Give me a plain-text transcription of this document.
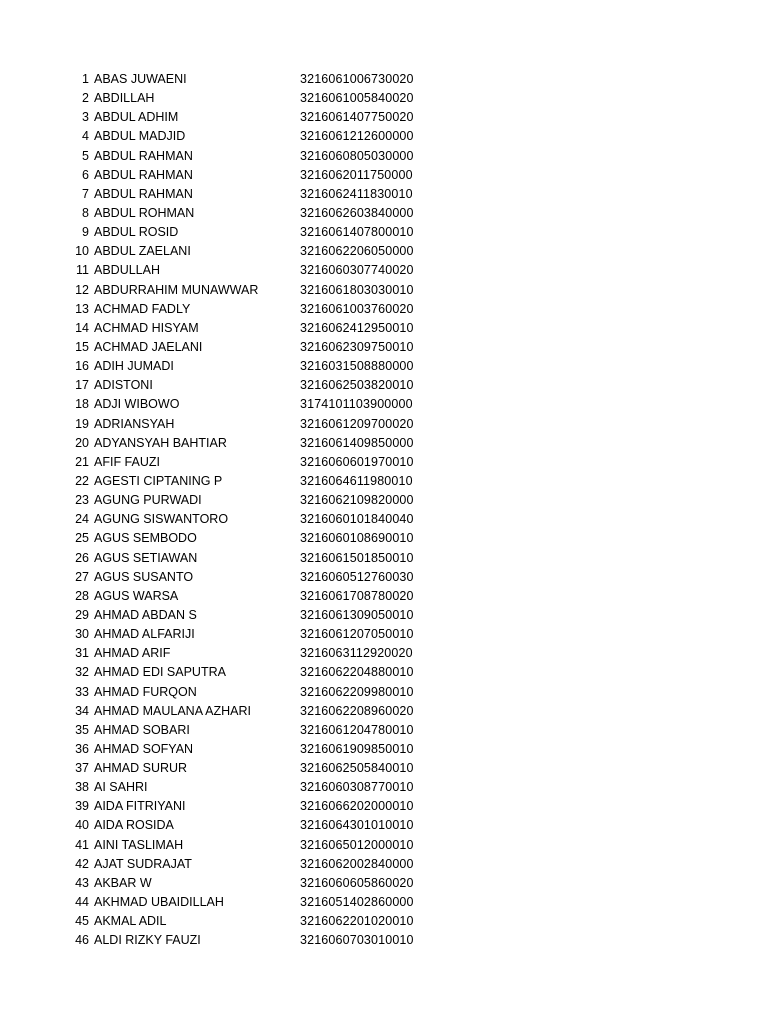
1 ABAS JUWAENI	3216061006730020
2 ABDILLAH	3216061005840020
3 ABDUL ADHIM	3216061407750020
4 ABDUL MADJID	3216061212600000
5 ABDUL RAHMAN	3216060805030000
6 ABDUL RAHMAN	3216062011750000
7 ABDUL RAHMAN	3216062411830010
8 ABDUL ROHMAN	3216062603840000
9 ABDUL ROSID	3216061407800010
10 ABDUL ZAELANI	3216062206050000
11 ABDULLAH	3216060307740020
12 ABDURRAHIM MUNAWWAR	3216061803030010
13 ACHMAD FADLY	3216061003760020
14 ACHMAD HISYAM	3216062412950010
15 ACHMAD JAELANI	3216062309750010
16 ADIH JUMADI	3216031508880000
17 ADISTONI	3216062503820010
18 ADJI WIBOWO	3174101103900000
19 ADRIANSYAH	3216061209700020
20 ADYANSYAH BAHTIAR	3216061409850000
21 AFIF FAUZI	3216060601970010
22 AGESTI CIPTANING P	3216064611980010
23 AGUNG PURWADI	3216062109820000
24 AGUNG SISWANTORO	3216060101840040
25 AGUS SEMBODO	3216060108690010
26 AGUS SETIAWAN	3216061501850010
27 AGUS SUSANTO	3216060512760030
28 AGUS WARSA	3216061708780020
29 AHMAD ABDAN S	3216061309050010
30 AHMAD ALFARIJI	3216061207050010
31 AHMAD ARIF	3216063112920020
32 AHMAD EDI SAPUTRA	3216062204880010
33 AHMAD FURQON	3216062209980010
34 AHMAD MAULANA AZHARI	3216062208960020
35 AHMAD SOBARI	3216061204780010
36 AHMAD SOFYAN	3216061909850010
37 AHMAD SURUR	3216062505840010
38 AI SAHRI	3216060308770010
39 AIDA FITRIYANI	3216066202000010
40 AIDA ROSIDA	3216064301010010
41 AINI TASLIMAH	3216065012000010
42 AJAT SUDRAJAT	3216062002840000
43 AKBAR W	3216060605860020
44 AKHMAD UBAIDILLAH	3216051402860000
45 AKMAL ADIL	3216062201020010
46 ALDI RIZKY FAUZI	3216060703010010
